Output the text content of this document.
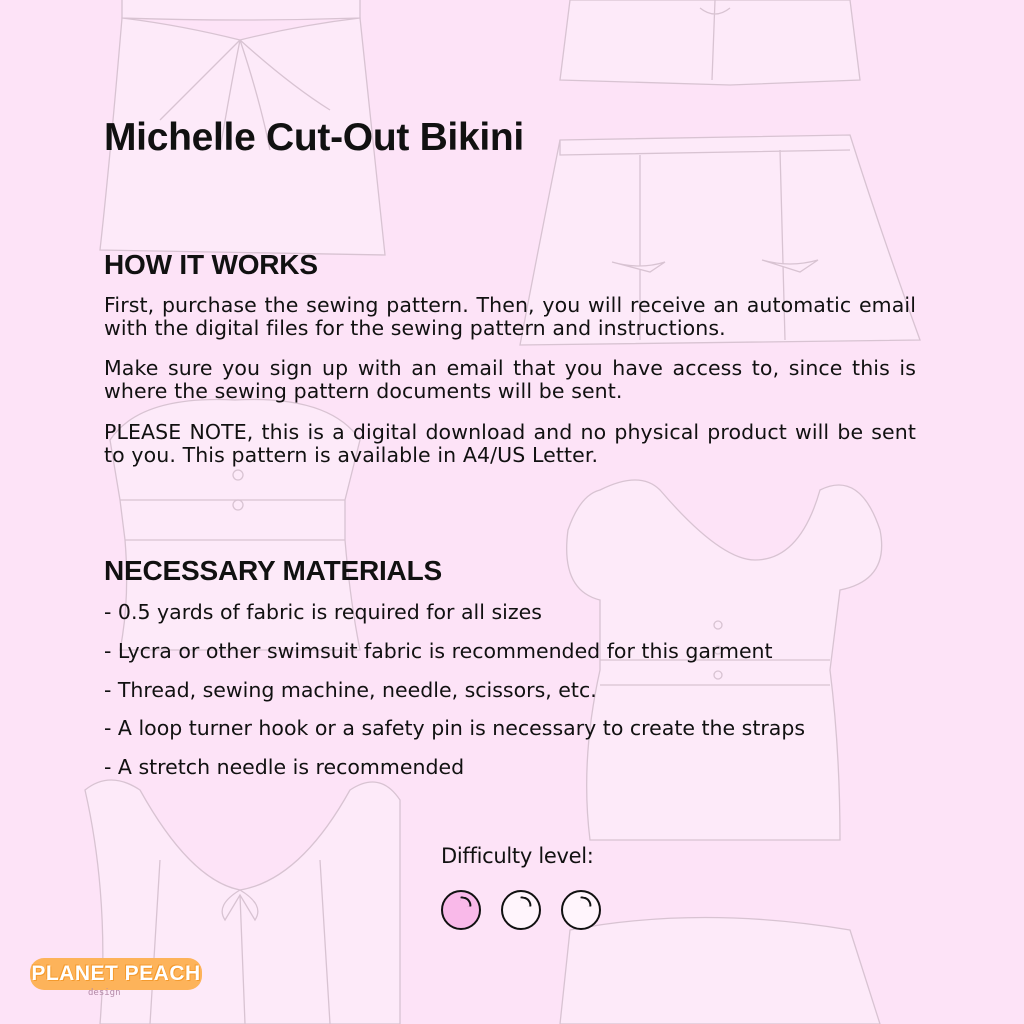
Michelle Cut-Out Bikini
HOW IT WORKS

First, purchase the sewing pattern. Then, you will receive an automatic email with the digital files for the sewing pattern and instructions.

Make sure you sign up with an email that you have access to, since this is where the sewing pattern documents will be sent.

PLEASE NOTE, this is a digital download and no physical product will be sent to you. This pattern is available in A4/US Letter.

NECESSARY MATERIALS

- 0.5 yards of fabric is required for all sizes

- Lycra or other swimsuit fabric is recommended for this garment

- Thread, sewing machine, needle, scissors, etc.

- A loop turner hook or a safety pin is necessary to create the straps

- A stretch needle is recommended

Difficulty level:
PLANET PEACH
design
